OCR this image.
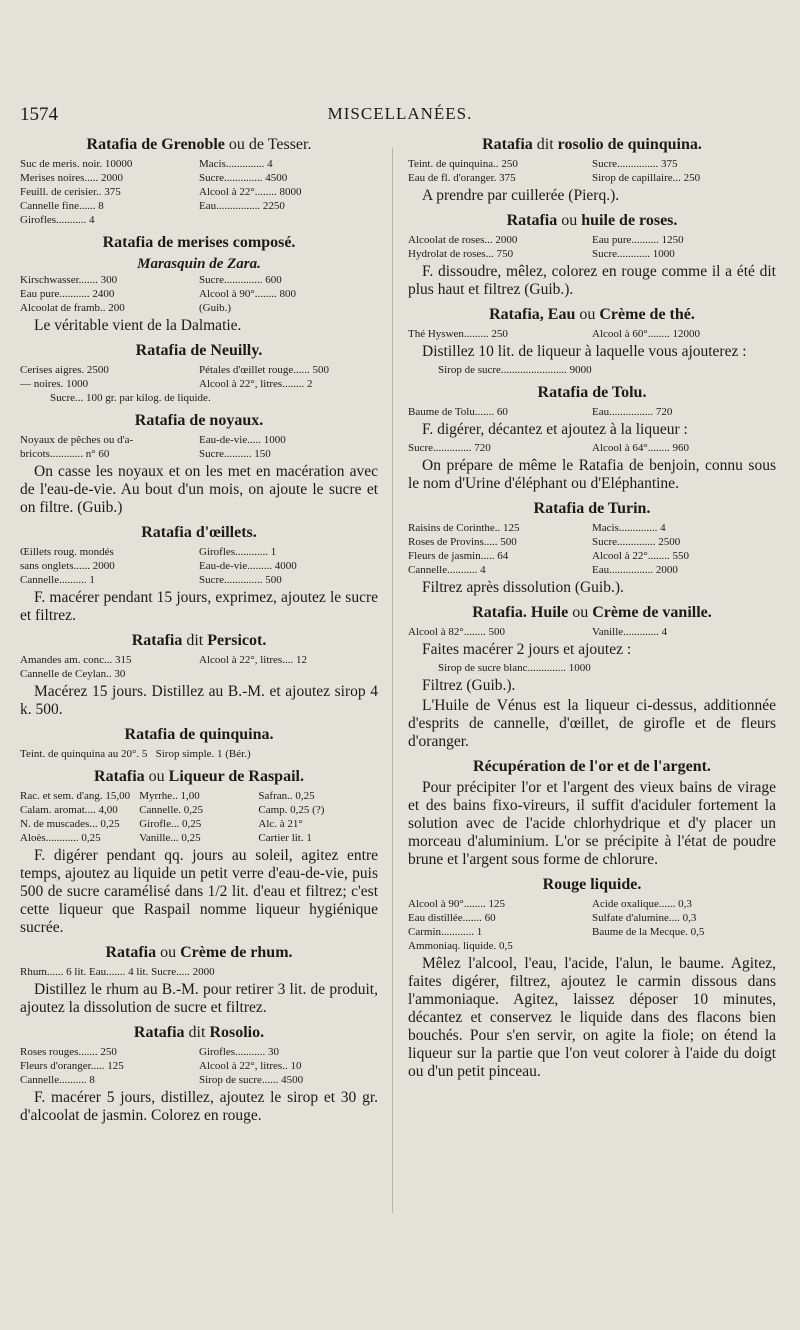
1574	MISCELLANÉES.
Ratafia de Grenoble ou de Tesser.
Suc de meris. noir. 10000	Macis.............. 4
Merises noires..... 2000	Sucre.............. 4500
Feuill. de cerisier.. 375	Alcool à 22°........ 8000
Cannelle fine...... 8	Eau................ 2250
Girofles........... 4
Ratafia de merises composé.
Marasquin de Zara.
Kirschwasser....... 300	Sucre.............. 600
Eau pure........... 2400	Alcool à 90°........ 800
Alcoolat de framb.. 200	(Guib.)
Le véritable vient de la Dalmatie.
Ratafia de Neuilly.
Cerises aigres. 2500	Pétales d'œillet rouge...... 500
— noires. 1000	Alcool à 22°, litres........ 2
Sucre... 100 gr. par kilog. de liquide.
Ratafia de noyaux.
Noyaux de pêches ou d'a-	Eau-de-vie..... 1000
bricots............ n° 60	Sucre.......... 150
On casse les noyaux et on les met en macération avec de l'eau-de-vie. Au bout d'un mois, on ajoute le sucre et on filtre. (Guib.)
Ratafia d'œillets.
Œillets roug. mondés	Girofles............ 1
sans onglets...... 2000	Eau-de-vie......... 4000
Cannelle.......... 1	Sucre.............. 500
F. macérer pendant 15 jours, exprimez, ajoutez le sucre et filtrez.
Ratafia dit Persicot.
Amandes am. conc... 315	Alcool à 22°, litres.... 12
Cannelle de Ceylan.. 30
Macérez 15 jours. Distillez au B.-M. et ajoutez sirop 4 k. 500.
Ratafia de quinquina.
Teint. de quinquina au 20°. 5   Sirop simple. 1 (Bér.)
Ratafia ou Liqueur de Raspail.
Rac. et sem. d'ang. 15,00 Myrrhe.. 1,00	Safran.. 0,25
Calam. aromat.... 4,00	Cannelle. 0,25	Camp. 0,25 (?)
N. de muscades... 0,25	Girofle... 0,25	Alc. à 21°
Aloès............ 0,25	Vanille... 0,25	Cartier lit. 1
F. digérer pendant qq. jours au soleil, agitez entre temps, ajoutez au liquide un petit verre d'eau-de-vie, puis 500 de sucre caramélisé dans 1/2 lit. d'eau et filtrez; c'est cette liqueur que Raspail nomme liqueur hygiénique sucrée.
Ratafia ou Crème de rhum.
Rhum...... 6 lit. Eau....... 4 lit. Sucre..... 2000
Distillez le rhum au B.-M. pour retirer 3 lit. de produit, ajoutez la dissolution de sucre et filtrez.
Ratafia dit Rosolio.
Roses rouges....... 250	Girofles........... 30
Fleurs d'oranger..... 125	Alcool à 22°, litres.. 10
Cannelle.......... 8	Sirop de sucre...... 4500
F. macérer 5 jours, distillez, ajoutez le sirop et 30 gr. d'alcoolat de jasmin. Colorez en rouge.
Ratafia dit rosolio de quinquina.
Teint. de quinquina.. 250	Sucre............... 375
Eau de fl. d'oranger. 375	Sirop de capillaire... 250
A prendre par cuillerée (Pierq.).
Ratafia ou huile de roses.
Alcoolat de roses... 2000	Eau pure.......... 1250
Hydrolat de roses... 750	Sucre............ 1000
F. dissoudre, mêlez, colorez en rouge comme il a été dit plus haut et filtrez (Guib.).
Ratafia, Eau ou Crème de thé.
Thé Hyswen......... 250	Alcool à 60°........ 12000
Distillez 10 lit. de liqueur à laquelle vous ajouterez :
Sirop de sucre........................ 9000
Ratafia de Tolu.
Baume de Tolu....... 60	Eau................ 720
F. digérer, décantez et ajoutez à la liqueur :
Sucre.............. 720	Alcool à 64°........ 960
On prépare de même le Ratafia de benjoin, connu sous le nom d'Urine d'éléphant ou d'Eléphantine.
Ratafia de Turin.
Raisins de Corinthe.. 125	Macis.............. 4
Roses de Provins..... 500	Sucre.............. 2500
Fleurs de jasmin..... 64	Alcool à 22°........ 550
Cannelle........... 4	Eau................ 2000
Filtrez après dissolution (Guib.).
Ratafia. Huile ou Crème de vanille.
Alcool à 82°........ 500	Vanille............. 4
Faites macérer 2 jours et ajoutez :
Sirop de sucre blanc.............. 1000
Filtrez (Guib.).
L'Huile de Vénus est la liqueur ci-dessus, additionnée d'esprits de cannelle, d'œillet, de girofle et de fleurs d'oranger.
Récupération de l'or et de l'argent.
Pour précipiter l'or et l'argent des vieux bains de virage et des bains fixo-vireurs, il suffit d'aciduler fortement la solution avec de l'acide chlorhydrique et d'y placer un morceau d'aluminium. L'or se précipite à l'état de poudre brune et l'argent sous forme de chlorure.
Rouge liquide.
Alcool à 90°........ 125	Acide oxalique...... 0,3
Eau distillée....... 60	Sulfate d'alumine.... 0,3
Carmin............ 1	Baume de la Mecque. 0,5
Ammoniaq. liquide. 0,5
Mêlez l'alcool, l'eau, l'acide, l'alun, le baume. Agitez, faites digérer, filtrez, ajoutez le carmin dissous dans l'ammoniaque. Agitez, laissez déposer 10 minutes, décantez et conservez le liquide dans des flacons bien bouchés. Pour s'en servir, on agite la fiole; on étend la liqueur sur la partie que l'on veut colorer à l'aide du doigt ou d'un petit pinceau.
